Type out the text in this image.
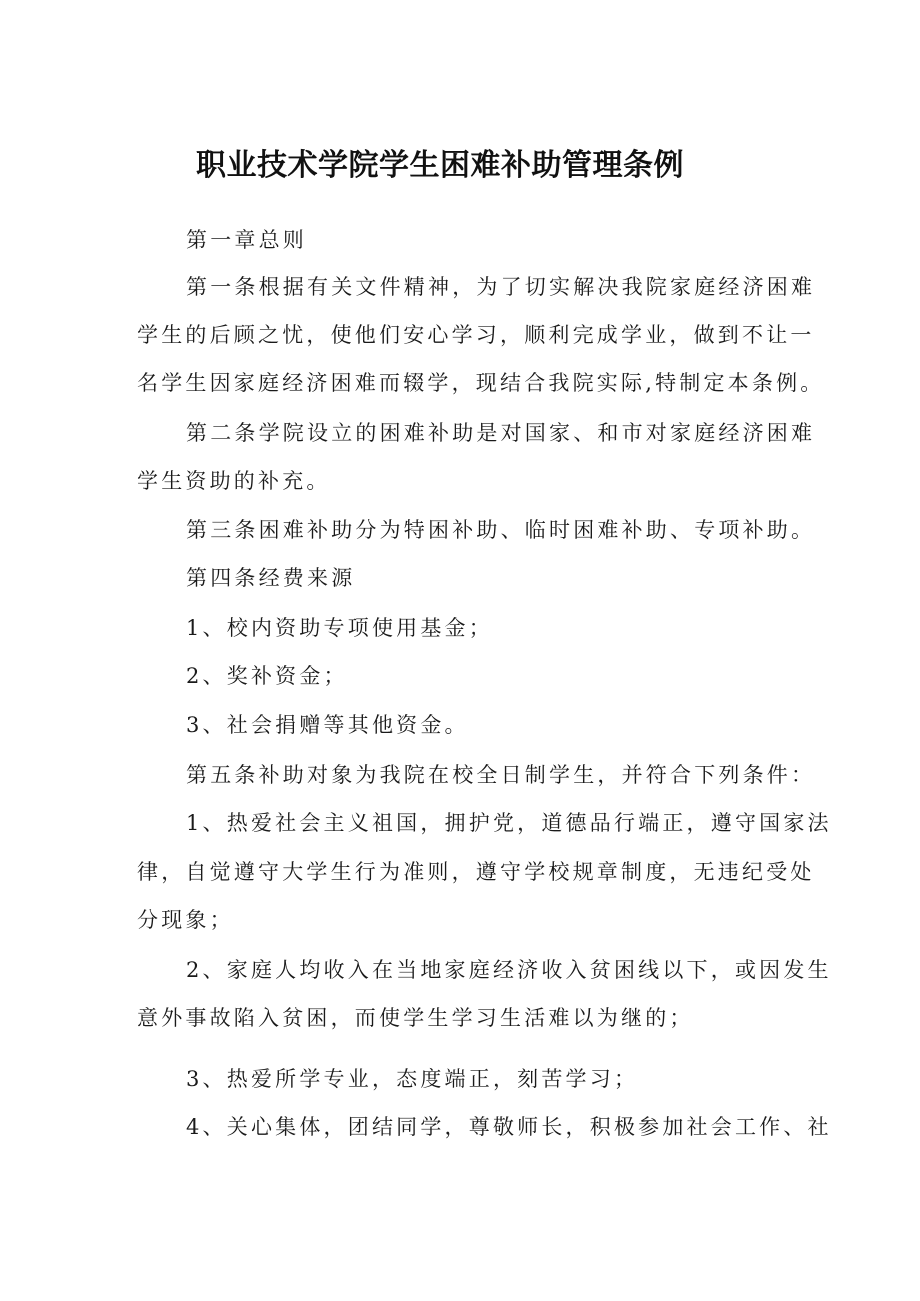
职业技术学院学生困难补助管理条例
第一章总则
第一条根据有关文件精神，为了切实解决我院家庭经济困难
学生的后顾之忧，使他们安心学习，顺利完成学业，做到不让一
名学生因家庭经济困难而辍学，现结合我院实际,特制定本条例。
第二条学院设立的困难补助是对国家、和市对家庭经济困难
学生资助的补充。
第三条困难补助分为特困补助、临时困难补助、专项补助。
第四条经费来源
1、校内资助专项使用基金；
2、奖补资金；
3、社会捐赠等其他资金。
第五条补助对象为我院在校全日制学生，并符合下列条件：
1、热爱社会主义祖国，拥护党，道德品行端正，遵守国家法
律，自觉遵守大学生行为准则，遵守学校规章制度，无违纪受处
分现象；
2、家庭人均收入在当地家庭经济收入贫困线以下，或因发生
意外事故陷入贫困，而使学生学习生活难以为继的；
3、热爱所学专业，态度端正，刻苦学习；
4、关心集体，团结同学，尊敬师长，积极参加社会工作、社
